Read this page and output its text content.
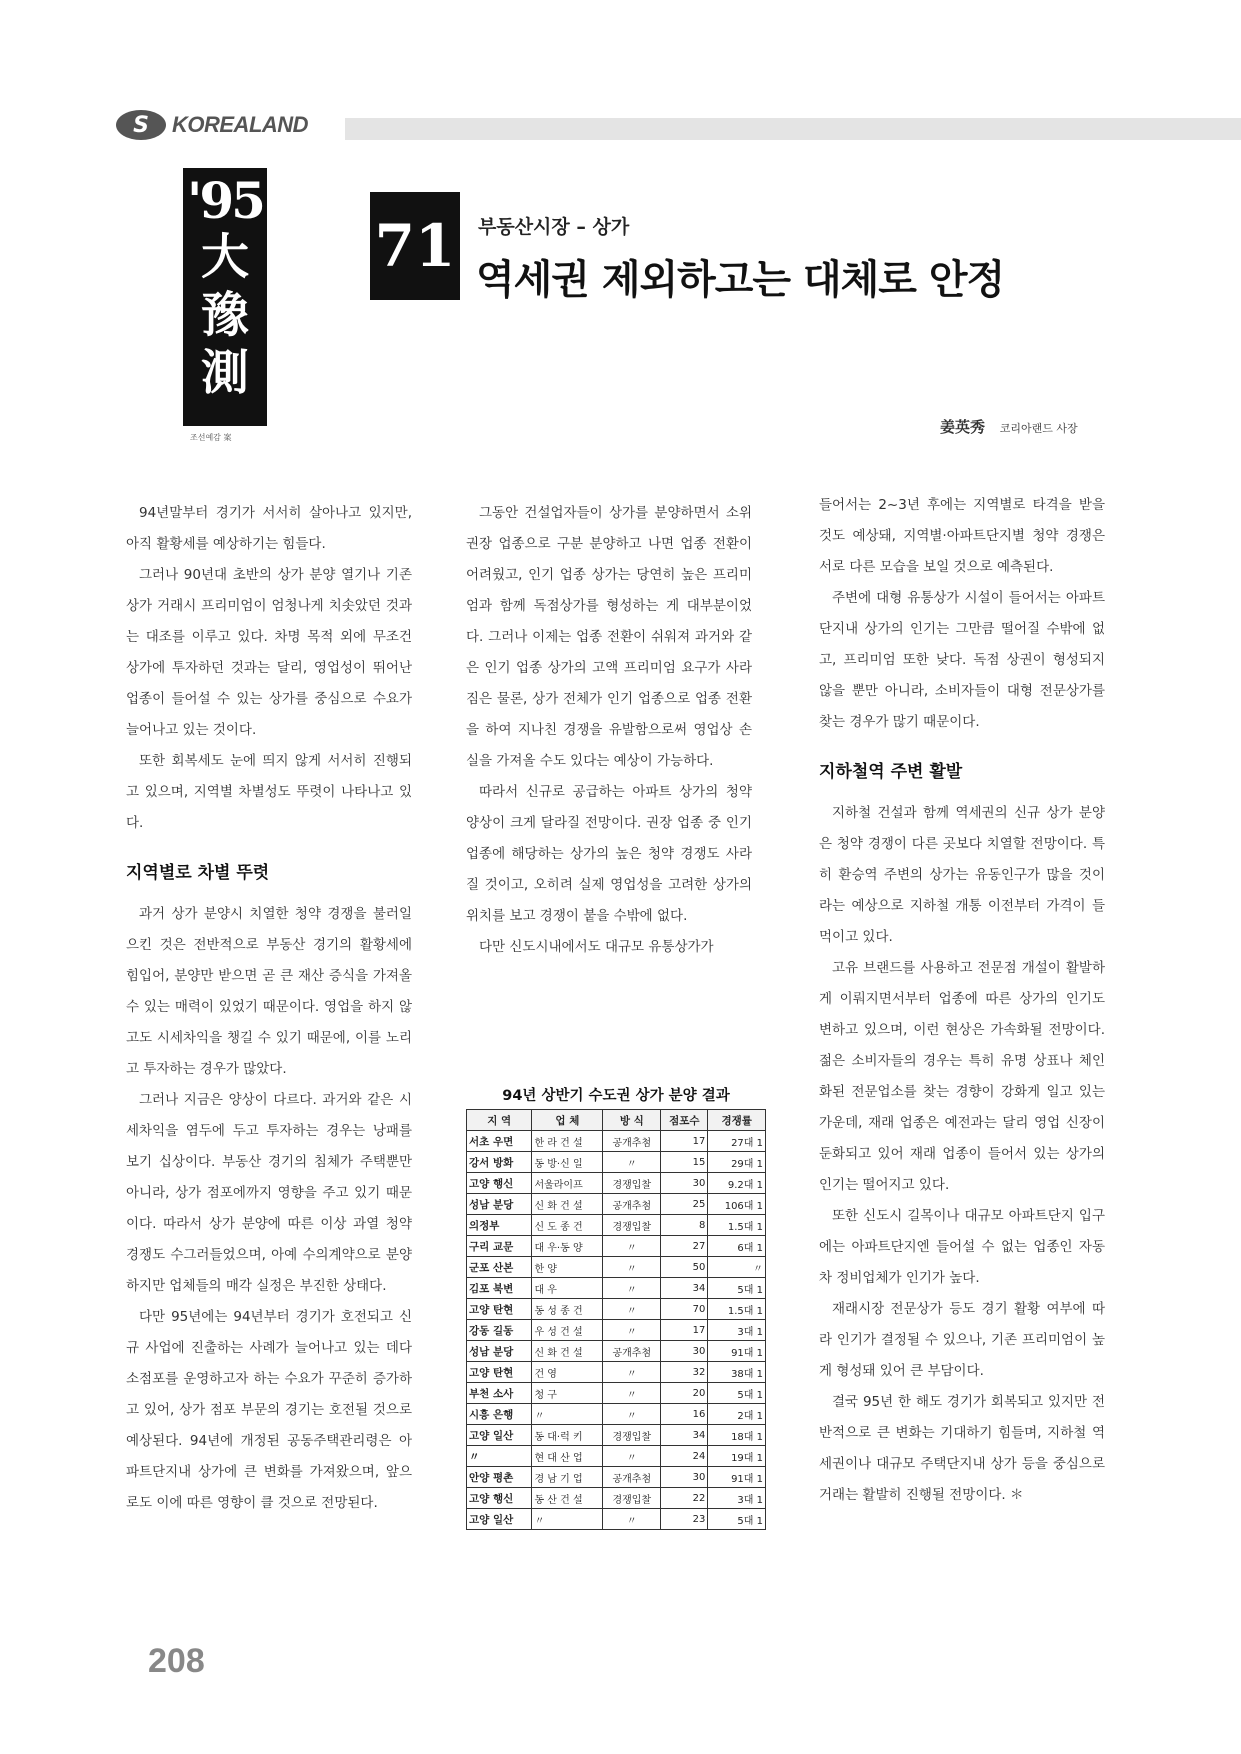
S	KOREALAND
'95
大
豫
測
조선예감 案
71 부동산시장 – 상가
역세권 제외하고는 대체로 안정
姜英秀 코리아랜드 사장

94년말부터 경기가 서서히 살아나고 있지만, 아직 활황세를 예상하기는 힘들다.

그러나 90년대 초반의 상가 분양 열기나 기존 상가 거래시 프리미엄이 엄청나게 치솟았던 것과는 대조를 이루고 있다. 차명 목적 외에 무조건 상가에 투자하던 것과는 달리, 영업성이 뛰어난 업종이 들어설 수 있는 상가를 중심으로 수요가 늘어나고 있는 것이다.

또한 회복세도 눈에 띄지 않게 서서히 진행되고 있으며, 지역별 차별성도 뚜렷이 나타나고 있다.

지역별로 차별 뚜렷

과거 상가 분양시 치열한 청약 경쟁을 불러일으킨 것은 전반적으로 부동산 경기의 활황세에 힘입어, 분양만 받으면 곧 큰 재산 증식을 가져올 수 있는 매력이 있었기 때문이다. 영업을 하지 않고도 시세차익을 챙길 수 있기 때문에, 이를 노리고 투자하는 경우가 많았다.

그러나 지금은 양상이 다르다. 과거와 같은 시세차익을 염두에 두고 투자하는 경우는 낭패를 보기 십상이다. 부동산 경기의 침체가 주택뿐만 아니라, 상가 점포에까지 영향을 주고 있기 때문이다. 따라서 상가 분양에 따른 이상 과열 청약 경쟁도 수그러들었으며, 아예 수의계약으로 분양하지만 업체들의 매각 실정은 부진한 상태다.

다만 95년에는 94년부터 경기가 호전되고 신규 사업에 진출하는 사례가 늘어나고 있는 데다 소점포를 운영하고자 하는 수요가 꾸준히 증가하고 있어, 상가 점포 부문의 경기는 호전될 것으로 예상된다. 94년에 개정된 공동주택관리령은 아파트단지내 상가에 큰 변화를 가져왔으며, 앞으로도 이에 따른 영향이 클 것으로 전망된다.

그동안 건설업자들이 상가를 분양하면서 소위 권장 업종으로 구분 분양하고 나면 업종 전환이 어려웠고, 인기 업종 상가는 당연히 높은 프리미엄과 함께 독점상가를 형성하는 게 대부분이었다. 그러나 이제는 업종 전환이 쉬워져 과거와 같은 인기 업종 상가의 고액 프리미엄 요구가 사라짐은 물론, 상가 전체가 인기 업종으로 업종 전환을 하여 지나친 경쟁을 유발함으로써 영업상 손실을 가져올 수도 있다는 예상이 가능하다.

따라서 신규로 공급하는 아파트 상가의 청약 양상이 크게 달라질 전망이다. 권장 업종 중 인기 업종에 해당하는 상가의 높은 청약 경쟁도 사라질 것이고, 오히려 실제 영업성을 고려한 상가의 위치를 보고 경쟁이 붙을 수밖에 없다.

다만 신도시내에서도 대규모 유통상가가

들어서는 2~3년 후에는 지역별로 타격을 받을 것도 예상돼, 지역별·아파트단지별 청약 경쟁은 서로 다른 모습을 보일 것으로 예측된다.

주변에 대형 유통상가 시설이 들어서는 아파트단지내 상가의 인기는 그만큼 떨어질 수밖에 없고, 프리미엄 또한 낮다. 독점 상권이 형성되지 않을 뿐만 아니라, 소비자들이 대형 전문상가를 찾는 경우가 많기 때문이다.

지하철역 주변 활발

지하철 건설과 함께 역세권의 신규 상가 분양은 청약 경쟁이 다른 곳보다 치열할 전망이다. 특히 환승역 주변의 상가는 유동인구가 많을 것이라는 예상으로 지하철 개통 이전부터 가격이 들먹이고 있다.

고유 브랜드를 사용하고 전문점 개설이 활발하게 이뤄지면서부터 업종에 따른 상가의 인기도 변하고 있으며, 이런 현상은 가속화될 전망이다. 젊은 소비자들의 경우는 특히 유명 상표나 체인화된 전문업소를 찾는 경향이 강화게 일고 있는 가운데, 재래 업종은 예전과는 달리 영업 신장이 둔화되고 있어 재래 업종이 들어서 있는 상가의 인기는 떨어지고 있다.

또한 신도시 길목이나 대규모 아파트단지 입구에는 아파트단지엔 들어설 수 없는 업종인 자동차 정비업체가 인기가 높다.

재래시장 전문상가 등도 경기 활황 여부에 따라 인기가 결정될 수 있으나, 기존 프리미엄이 높게 형성돼 있어 큰 부담이다.

결국 95년 한 해도 경기가 회복되고 있지만 전반적으로 큰 변화는 기대하기 힘들며, 지하철 역세권이나 대규모 주택단지내 상가 등을 중심으로 거래는 활발히 진행될 전망이다. ＊

94년 상반기 수도권 상가 분양 결과
지 역	업 체	방 식	점포수	경쟁률
서초 우면	한 라 건 설	공개추첨	17	27대 1
강서 방화	동 방·신 일	〃	15	29대 1
고양 행신	서울라이프	경쟁입찰	30	9.2대 1
성남 분당	신 화 건 설	공개추첨	25	106대 1
의정부	신 도 종 건	경쟁입찰	8	1.5대 1
구리 교문	대 우·동 양	〃	27	6대 1
군포 산본	한 양	〃	50	〃
김포 북변	대 우	〃	34	5대 1
고양 탄현	동 성 종 건	〃	70	1.5대 1
강동 길동	우 성 건 설	〃	17	3대 1
성남 분당	신 화 건 설	공개추첨	30	91대 1
고양 탄현	건 영	〃	32	38대 1
부천 소사	청 구	〃	20	5대 1
시흥 은행	〃	〃	16	2대 1
고양 일산	동 대·럭 키	경쟁입찰	34	18대 1
〃	현 대 산 업	〃	24	19대 1
안양 평촌	경 남 기 업	공개추첨	30	91대 1
고양 행신	동 산 건 설	경쟁입찰	22	3대 1
고양 일산	〃	〃	23	5대 1
208
